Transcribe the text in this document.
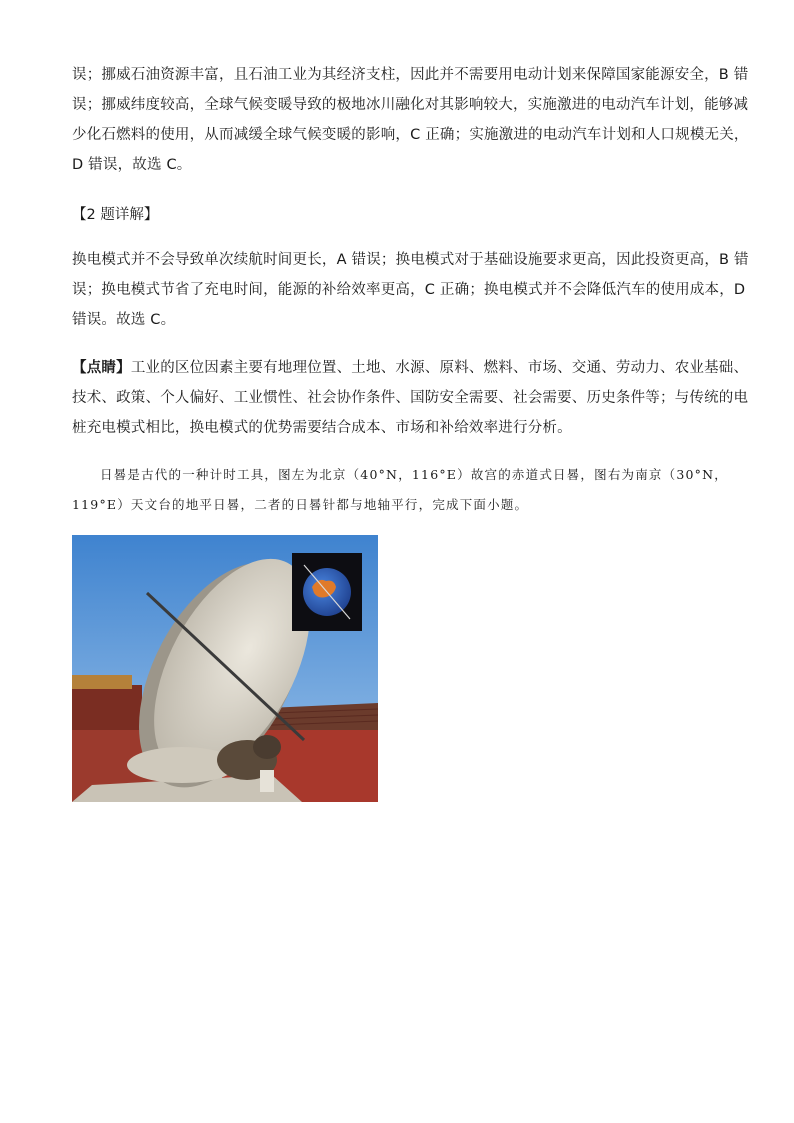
误；挪威石油资源丰富，且石油工业为其经济支柱，因此并不需要用电动计划来保障国家能源安全，B 错
误；挪威纬度较高，全球气候变暖导致的极地冰川融化对其影响较大，实施激进的电动汽车计划，能够减
少化石燃料的使用，从而减缓全球气候变暖的影响，C 正确；实施激进的电动汽车计划和人口规模无关，
D 错误，故选 C。

【2 题详解】

换电模式并不会导致单次续航时间更长，A 错误；换电模式对于基础设施要求更高，因此投资更高，B 错
误；换电模式节省了充电时间，能源的补给效率更高，C 正确；换电模式并不会降低汽车的使用成本，D
错误。故选 C。

【点睛】工业的区位因素主要有地理位置、土地、水源、原料、燃料、市场、交通、劳动力、农业基础、
技术、政策、个人偏好、工业惯性、社会协作条件、国防安全需要、社会需要、历史条件等；与传统的电
桩充电模式相比，换电模式的优势需要结合成本、市场和补给效率进行分析。

日晷是古代的一种计时工具，图左为北京（40°N，116°E）故宫的赤道式日晷，图右为南京（30°N，
119°E）天文台的地平日晷，二者的日晷针都与地轴平行，完成下面小题。
